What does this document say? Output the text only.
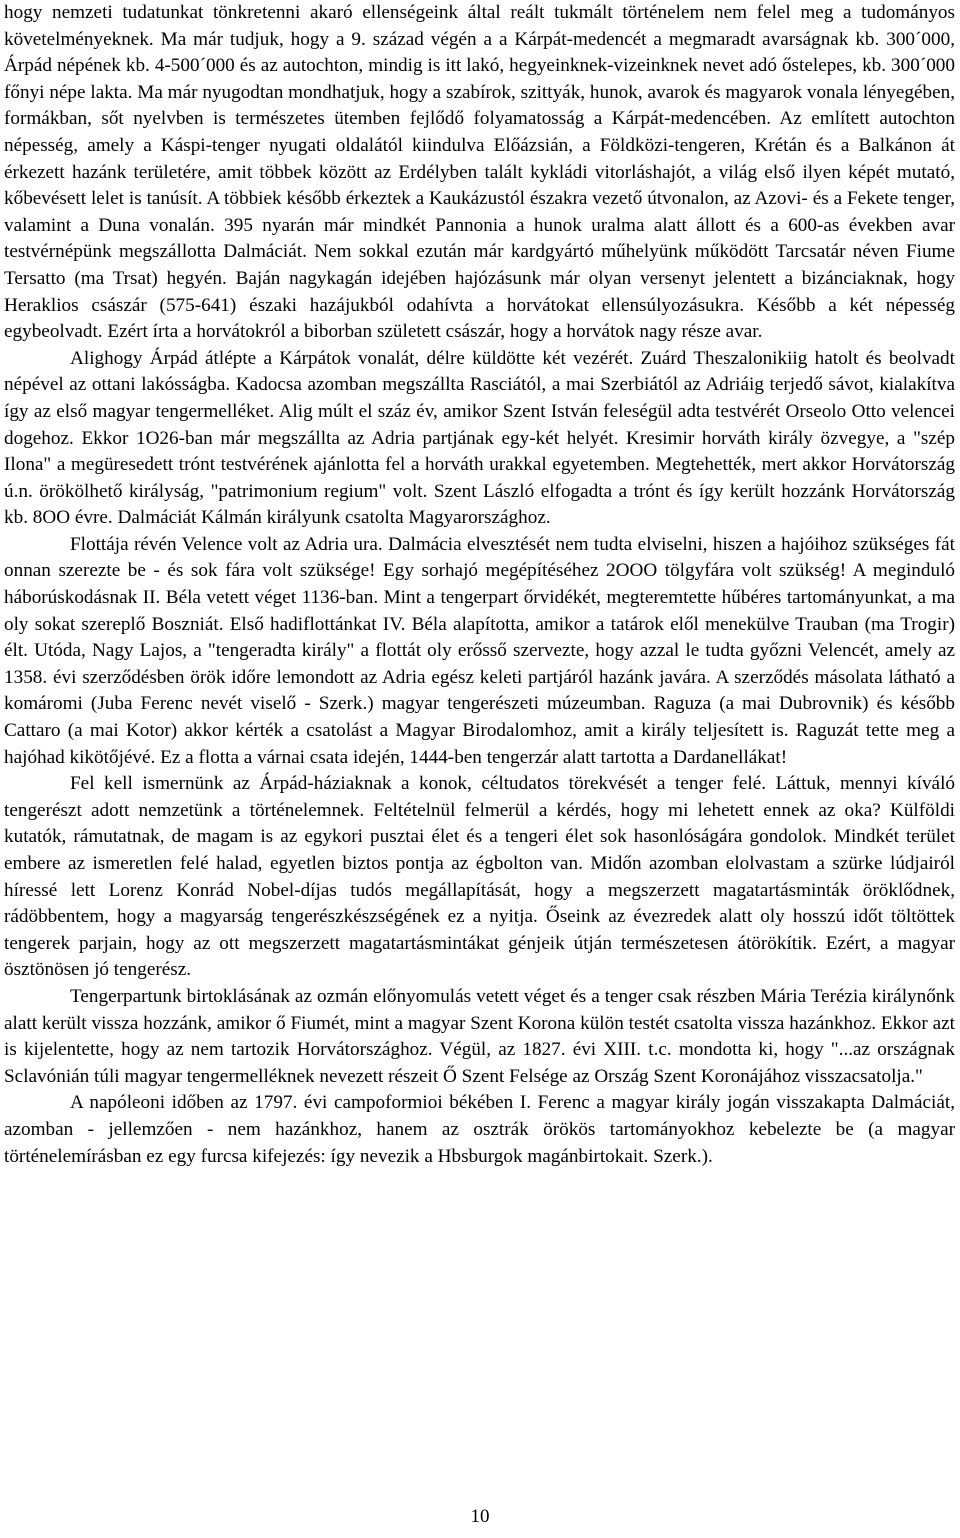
hogy nemzeti tudatunkat tönkretenni akaró ellenségeink által reált tukmált történelem nem felel meg a tudományos követelményeknek. Ma már tudjuk, hogy a 9. század végén a a Kárpát-medencét a megmaradt avarságnak kb. 300´000, Árpád népének kb. 4-500´000 és az autochton, mindig is itt lakó, hegyeinknek-vizeinknek nevet adó őstelepes, kb. 300´000 főnyi népe lakta. Ma már nyugodtan mondhatjuk, hogy a szabírok, szittyák, hunok, avarok és magyarok vonala lényegében, formákban, sőt nyelvben is természetes ütemben fejlődő folyamatosság a Kárpát-medencében. Az említett autochton népesség, amely a Káspi-tenger nyugati oldalától kiindulva Előázsián, a Földközi-tengeren, Krétán és a Balkánon át érkezett hazánk területére, amit többek között az Erdélyben talált kykládi vitorláshajót, a világ első ilyen képét mutató, kőbevésett lelet is tanúsít. A többiek később érkeztek a Kaukázustól északra vezető útvonalon, az Azovi- és a Fekete tenger, valamint a Duna vonalán. 395 nyarán már mindkét Pannonia a hunok uralma alatt állott és a 600-as években avar testvérnépünk megszállotta Dalmáciát. Nem sokkal ezután már kardgyártó műhelyünk működött Tarcsatár néven Fiume Tersatto (ma Trsat) hegyén. Baján nagykagán idejében hajózásunk már olyan versenyt jelentett a bizánciaknak, hogy Heraklios császár (575-641) északi hazájukból odahívta a horvátokat ellensúlyozásukra. Később a két népesség egybeolvadt. Ezért írta a horvátokról a biborban született császár, hogy a horvátok nagy része avar.

Alighogy Árpád átlépte a Kárpátok vonalát, délre küldötte két vezérét. Zuárd Theszalonikiig hatolt és beolvadt népével az ottani lakósságba. Kadocsa azomban megszállta Rasciától, a mai Szerbiától az Adriáig terjedő sávot, kialakítva így az első magyar tengermelléket. Alig múlt el száz év, amikor Szent István feleségül adta testvérét Orseolo Otto velencei dogehoz. Ekkor 1O26-ban már megszállta az Adria partjának egy-két helyét. Kresimir horváth király özvegye, a "szép Ilona" a megüresedett trónt testvérének ajánlotta fel a horváth urakkal egyetemben. Megtehették, mert akkor Horvátország ú.n. örökölhető királyság, "patrimonium regium" volt. Szent László elfogadta a trónt és így került hozzánk Horvátország kb. 8OO évre. Dalmáciát Kálmán királyunk csatolta Magyarországhoz.

Flottája révén Velence volt az Adria ura. Dalmácia elvesztését nem tudta elviselni, hiszen a hajóihoz szükséges fát onnan szerezte be - és sok fára volt szüksége! Egy sorhajó megépítéséhez 2OOO tölgyfára volt szükség! A meginduló háborúskodásnak II. Béla vetett véget 1136-ban. Mint a tengerpart őrvidékét, megteremtette hűbéres tartományunkat, a ma oly sokat szereplő Boszniát. Első hadiflottánkat IV. Béla alapította, amikor a tatárok elől menekülve Trauban (ma Trogir) élt. Utóda, Nagy Lajos, a "tengeradta király" a flottát oly erősső szervezte, hogy azzal le tudta győzni Velencét, amely az 1358. évi szerződésben örök időre lemondott az Adria egész keleti partjáról hazánk javára. A szerződés másolata látható a komáromi (Juba Ferenc nevét viselő - Szerk.) magyar tengerészeti múzeumban. Raguza (a mai Dubrovnik) és később Cattaro (a mai Kotor) akkor kérték a csatolást a Magyar Birodalomhoz, amit a király teljesített is. Raguzát tette meg a hajóhad kikötőjévé. Ez a flotta a várnai csata idején, 1444-ben tengerzár alatt tartotta a Dardanellákat!

Fel kell ismernünk az Árpád-háziaknak a konok, céltudatos törekvését a tenger felé. Láttuk, mennyi kíváló tengerészt adott nemzetünk a történelemnek. Feltételnül felmerül a kérdés, hogy mi lehetett ennek az oka? Külföldi kutatók, rámutatnak, de magam is az egykori pusztai élet és a tengeri élet sok hasonlóságára gondolok. Mindkét terület embere az ismeretlen felé halad, egyetlen biztos pontja az égbolton van. Midőn azomban elolvastam a szürke lúdjairól híressé lett Lorenz Konrád Nobel-díjas tudós megállapítását, hogy a megszerzett magatartásminták öröklődnek, rádöbbentem, hogy a magyarság tengerészkészségének ez a nyitja. Őseink az évezredek alatt oly hosszú időt töltöttek tengerek parjain, hogy az ott megszerzett magatartásmintákat génjeik útján természetesen átörökítik. Ezért, a magyar ösztönösen jó tengerész.

Tengerpartunk birtoklásának az ozmán előnyomulás vetett véget és a tenger csak részben Mária Terézia királynőnk alatt került vissza hozzánk, amikor ő Fiumét, mint a magyar Szent Korona külön testét csatolta vissza hazánkhoz. Ekkor azt is kijelentette, hogy az nem tartozik Horvátországhoz. Végül, az 1827. évi XIII. t.c. mondotta ki, hogy "...az országnak Sclavónián túli magyar tengermelléknek nevezett részeit Ő Szent Felsége az Ország Szent Koronájához visszacsatolja."

A napóleoni időben az 1797. évi campoformioi békében I. Ferenc a magyar király jogán visszakapta Dalmáciát, azomban - jellemzően - nem hazánkhoz, hanem az osztrák örökös tartományokhoz kebelezte be (a magyar történelemírásban ez egy furcsa kifejezés: így nevezik a Hbsburgok magánbirtokait. Szerk.).

10
